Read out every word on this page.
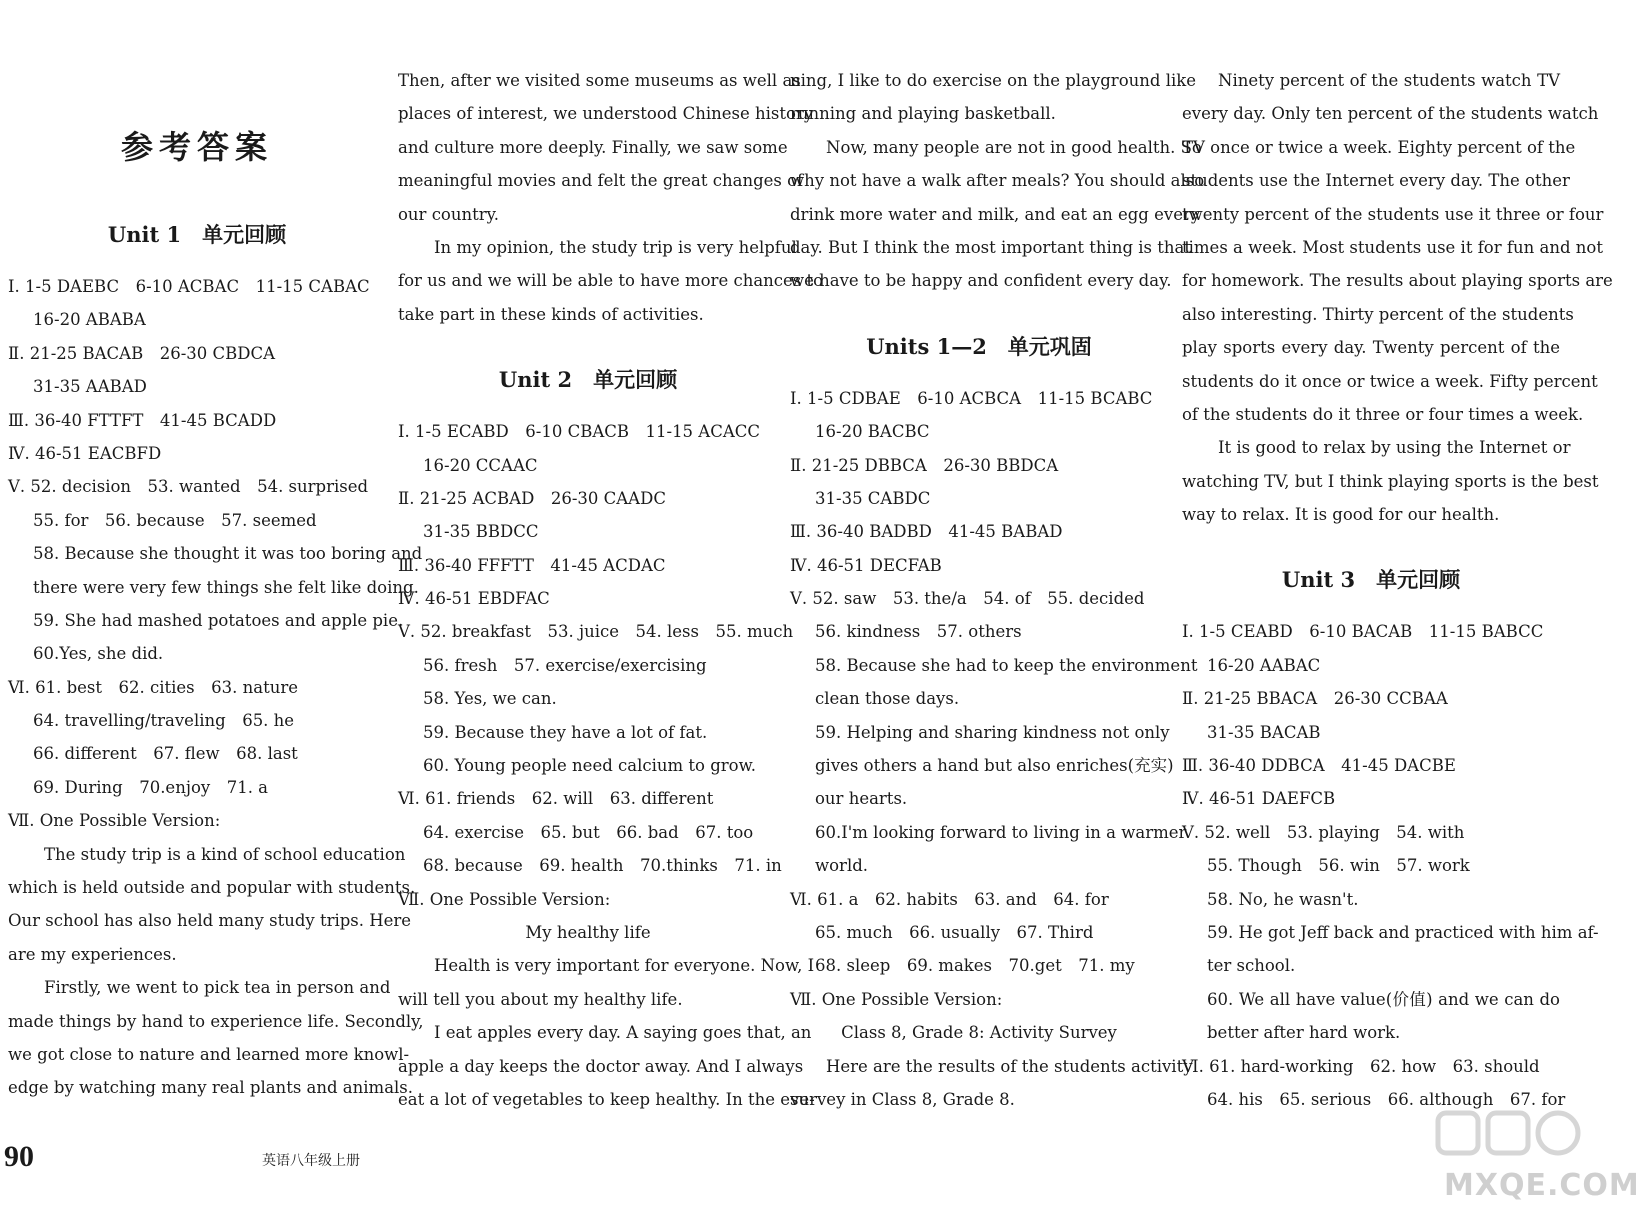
参考答案
Unit 1　单元回顾
Ⅰ. 1-5 DAEBC　6-10 ACBAC　11-15 CABAC
16-20 ABABA
Ⅱ. 21-25 BACAB　26-30 CBDCA
31-35 AABAD
Ⅲ. 36-40 FTTFT　41-45 BCADD
Ⅳ. 46-51 EACBFD
Ⅴ. 52. decision　53. wanted　54. surprised
55. for　56. because　57. seemed
58. Because she thought it was too boring and
there were very few things she felt like doing.
59. She had mashed potatoes and apple pie.
60.Yes, she did.
Ⅵ. 61. best　62. cities　63. nature
64. travelling/traveling　65. he
66. different　67. flew　68. last
69. During　70.enjoy　71. a
Ⅶ. One Possible Version:
The study trip is a kind of school education
which is held outside and popular with students.
Our school has also held many study trips. Here
are my experiences.
Firstly, we went to pick tea in person and
made things by hand to experience life. Secondly,
we got close to nature and learned more knowl-
edge by watching many real plants and animals.
Then, after we visited some museums as well as
places of interest, we understood Chinese history
and culture more deeply. Finally, we saw some
meaningful movies and felt the great changes of
our country.
In my opinion, the study trip is very helpful
for us and we will be able to have more chances to
take part in these kinds of activities.
Unit 2　单元回顾
Ⅰ. 1-5 ECABD　6-10 CBACB　11-15 ACACC
16-20 CCAAC
Ⅱ. 21-25 ACBAD　26-30 CAADC
31-35 BBDCC
Ⅲ. 36-40 FFFTT　41-45 ACDAC
Ⅳ. 46-51 EBDFAC
Ⅴ. 52. breakfast　53. juice　54. less　55. much
56. fresh　57. exercise/exercising
58. Yes, we can.
59. Because they have a lot of fat.
60. Young people need calcium to grow.
Ⅵ. 61. friends　62. will　63. different
64. exercise　65. but　66. bad　67. too
68. because　69. health　70.thinks　71. in
Ⅶ. One Possible Version:
My healthy life
Health is very important for everyone. Now, I
will tell you about my healthy life.
I eat apples every day. A saying goes that, an
apple a day keeps the doctor away. And I always
eat a lot of vegetables to keep healthy. In the eve-
ning, I like to do exercise on the playground like
running and playing basketball.
Now, many people are not in good health. So
why not have a walk after meals? You should also
drink more water and milk, and eat an egg every
day. But I think the most important thing is that
we have to be happy and confident every day.
Units 1—2　单元巩固
Ⅰ. 1-5 CDBAE　6-10 ACBCA　11-15 BCABC
16-20 BACBC
Ⅱ. 21-25 DBBCA　26-30 BBDCA
31-35 CABDC
Ⅲ. 36-40 BADBD　41-45 BABAD
Ⅳ. 46-51 DECFAB
Ⅴ. 52. saw　53. the/a　54. of　55. decided
56. kindness　57. others
58. Because she had to keep the environment
clean those days.
59. Helping and sharing kindness not only
gives others a hand but also enriches(充实)
our hearts.
60.I'm looking forward to living in a warmer
world.
Ⅵ. 61. a　62. habits　63. and　64. for
65. much　66. usually　67. Third
68. sleep　69. makes　70.get　71. my
Ⅶ. One Possible Version:
Class 8, Grade 8: Activity Survey
Here are the results of the students activity
survey in Class 8, Grade 8.
Ninety percent of the students watch TV
every day. Only ten percent of the students watch
TV once or twice a week. Eighty percent of the
students use the Internet every day. The other
twenty percent of the students use it three or four
times a week. Most students use it for fun and not
for homework. The results about playing sports are
also interesting. Thirty percent of the students
play sports every day. Twenty percent of the
students do it once or twice a week. Fifty percent
of the students do it three or four times a week.
It is good to relax by using the Internet or
watching TV, but I think playing sports is the best
way to relax. It is good for our health.
Unit 3　单元回顾
Ⅰ. 1-5 CEABD　6-10 BACAB　11-15 BABCC
16-20 AABAC
Ⅱ. 21-25 BBACA　26-30 CCBAA
31-35 BACAB
Ⅲ. 36-40 DDBCA　41-45 DACBE
Ⅳ. 46-51 DAEFCB
Ⅴ. 52. well　53. playing　54. with
55. Though　56. win　57. work
58. No, he wasn't.
59. He got Jeff back and practiced with him af-
ter school.
60. We all have value(价值) and we can do
better after hard work.
Ⅵ. 61. hard-working　62. how　63. should
64. his　65. serious　66. although　67. for
90	英语八年级上册
MXQE.COM
